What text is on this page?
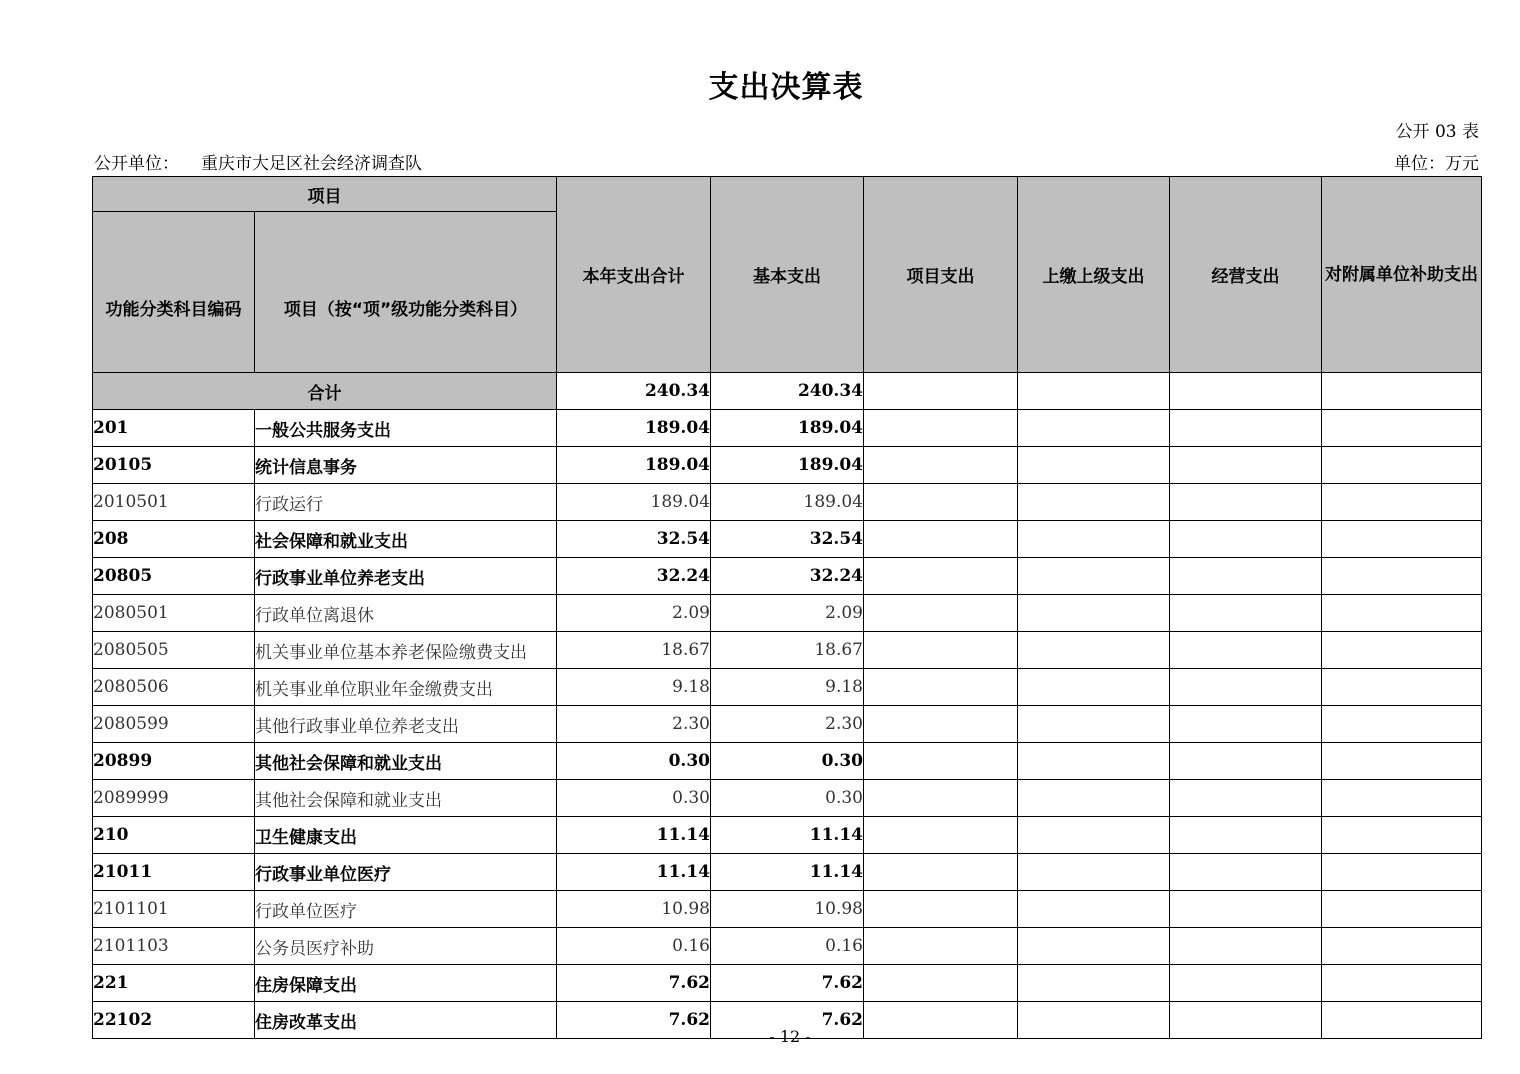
支出决算表
公开 03 表
公开单位： 重庆市大足区社会经济调查队	单位：万元
项目		本年支出合计	基本支出	项目支出	上缴上级支出	经营支出	对附属单位补助支出
功能分类科目编码	项目（按“项”级功能分类科目）						
合计		240.34	240.34				
201	一般公共服务支出	189.04	189.04				
20105	统计信息事务	189.04	189.04				
2010501	行政运行	189.04	189.04				
208	社会保障和就业支出	32.54	32.54				
20805	行政事业单位养老支出	32.24	32.24				
2080501	行政单位离退休	2.09	2.09				
2080505	机关事业单位基本养老保险缴费支出	18.67	18.67				
2080506	机关事业单位职业年金缴费支出	9.18	9.18				
2080599	其他行政事业单位养老支出	2.30	2.30				
20899	其他社会保障和就业支出	0.30	0.30				
2089999	其他社会保障和就业支出	0.30	0.30				
210	卫生健康支出	11.14	11.14				
21011	行政事业单位医疗	11.14	11.14				
2101101	行政单位医疗	10.98	10.98				
2101103	公务员医疗补助	0.16	0.16				
221	住房保障支出	7.62	7.62				
22102	住房改革支出	7.62	7.62				
- 12 -
